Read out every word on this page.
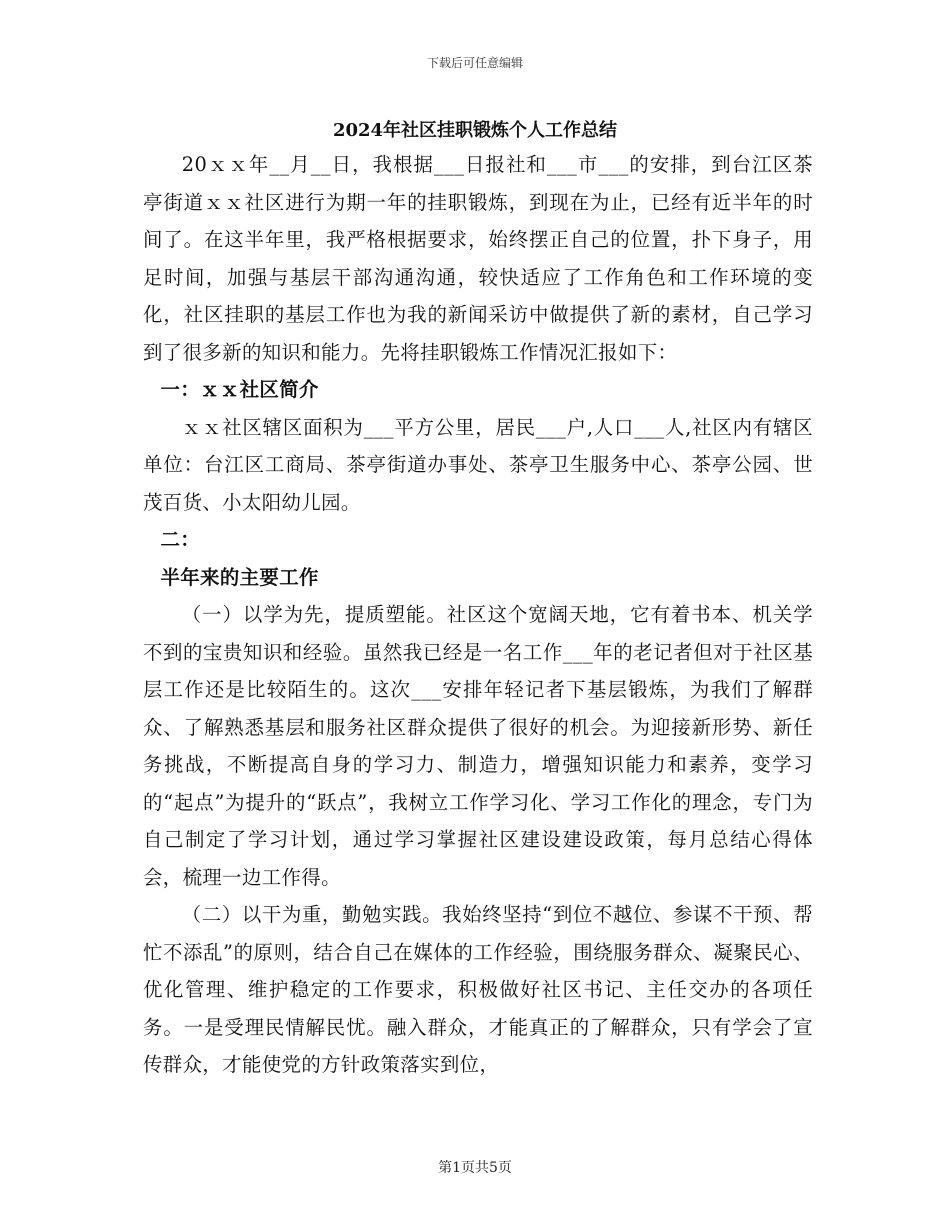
下载后可任意编辑
2024年社区挂职锻炼个人工作总结

20ｘｘ年__月__日，我根据___日报社和___市___的安排，到台江区茶亭街道ｘｘ社区进行为期一年的挂职锻炼，到现在为止，已经有近半年的时间了。在这半年里，我严格根据要求，始终摆正自己的位置，扑下身子，用足时间，加强与基层干部沟通沟通，较快适应了工作角色和工作环境的变化，社区挂职的基层工作也为我的新闻采访中做提供了新的素材，自己学习到了很多新的知识和能力。先将挂职锻炼工作情况汇报如下：

一：ｘｘ社区简介

ｘｘ社区辖区面积为___平方公里，居民___户,人口___人,社区内有辖区单位：台江区工商局、茶亭街道办事处、茶亭卫生服务中心、茶亭公园、世茂百货、小太阳幼儿园。

二：

半年来的主要工作

（一）以学为先，提质塑能。社区这个宽阔天地，它有着书本、机关学不到的宝贵知识和经验。虽然我已经是一名工作___年的老记者但对于社区基层工作还是比较陌生的。这次___安排年轻记者下基层锻炼，为我们了解群众、了解熟悉基层和服务社区群众提供了很好的机会。为迎接新形势、新任务挑战，不断提高自身的学习力、制造力，增强知识能力和素养，变学习的“起点”为提升的“跃点”，我树立工作学习化、学习工作化的理念，专门为自己制定了学习计划，通过学习掌握社区建设建设政策，每月总结心得体会，梳理一边工作得。

（二）以干为重，勤勉实践。我始终坚持“到位不越位、参谋不干预、帮忙不添乱”的原则，结合自己在媒体的工作经验，围绕服务群众、凝聚民心、优化管理、维护稳定的工作要求，积极做好社区书记、主任交办的各项任务。一是受理民情解民忧。融入群众，才能真正的了解群众，只有学会了宣传群众，才能使党的方针政策落实到位，

第1页共5页
